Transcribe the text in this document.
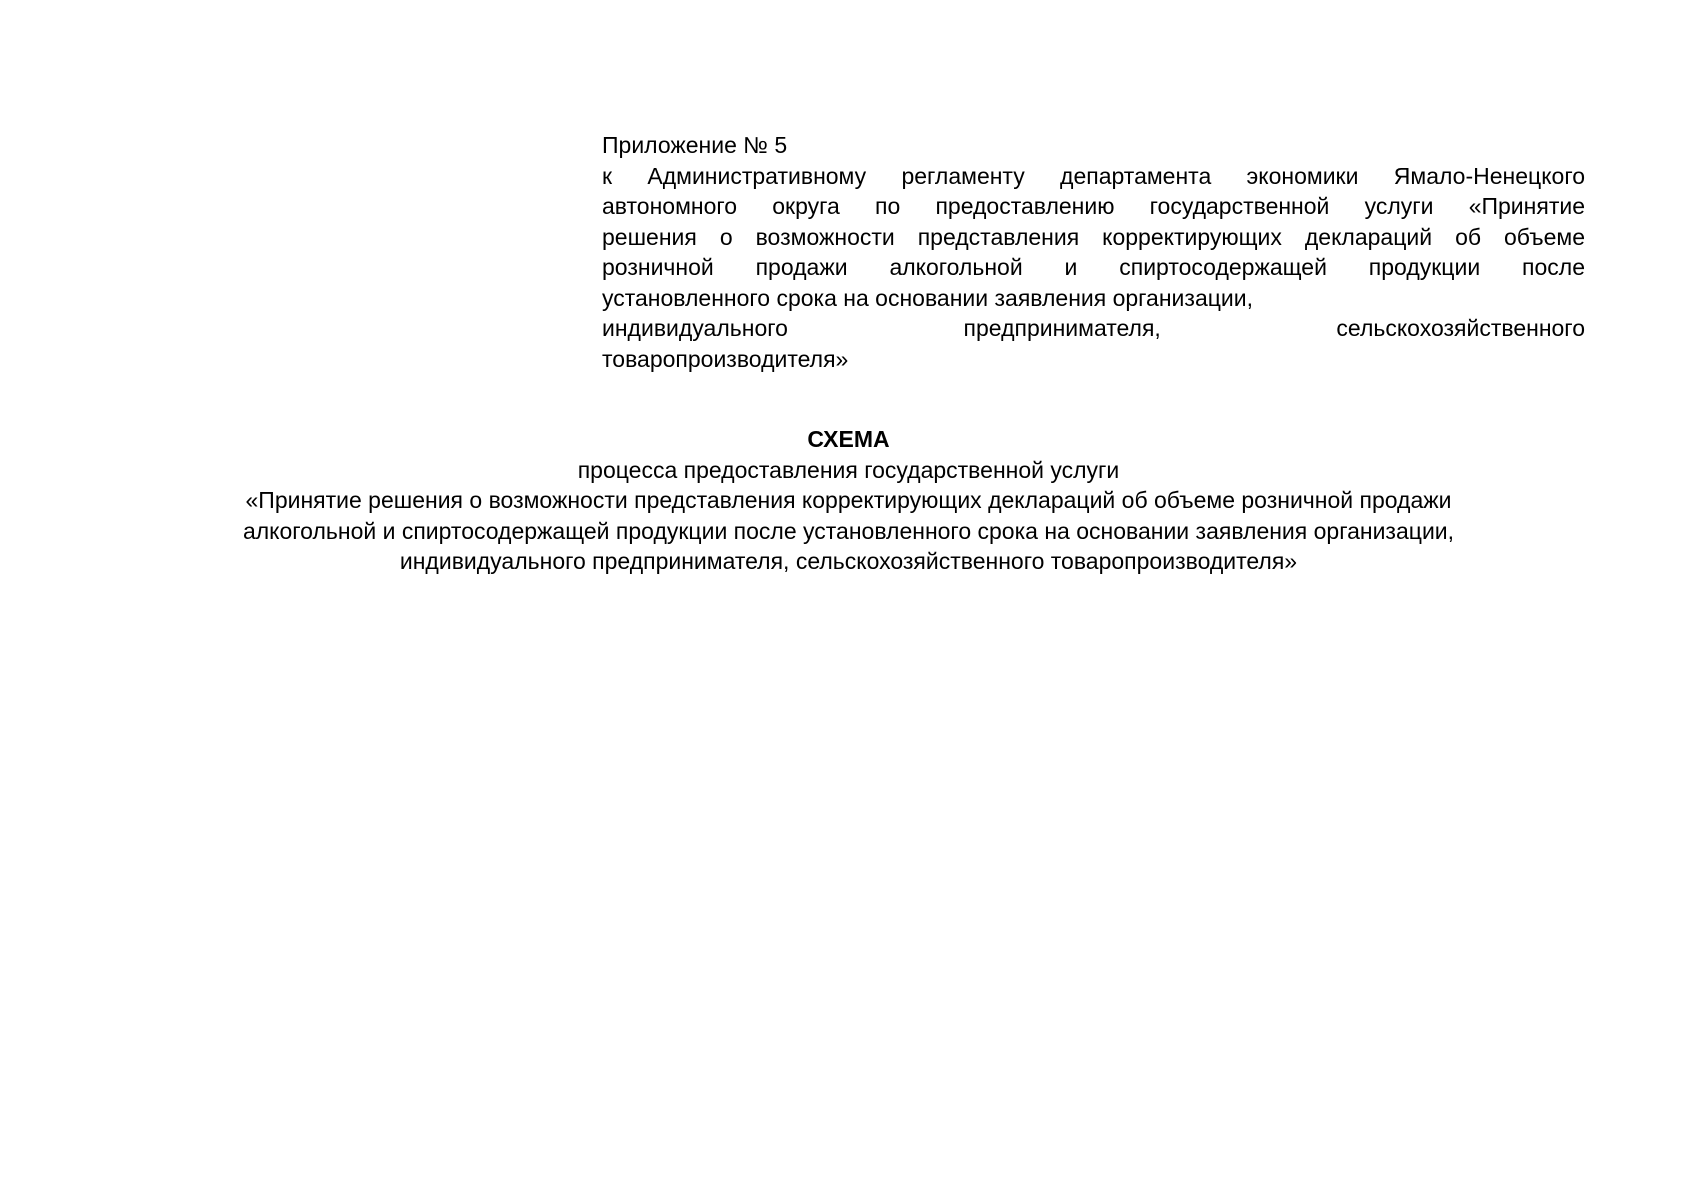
Приложение № 5
к Административному регламенту департамента экономики Ямало-Ненецкого
автономного округа по предоставлению государственной услуги «Принятие
решения о возможности представления корректирующих деклараций об объеме
розничной продажи алкогольной и спиртосодержащей продукции после
установленного срока на основании заявления организации,
индивидуального предпринимателя, сельскохозяйственного
товаропроизводителя»
СХЕМА
процесса предоставления государственной услуги
«Принятие решения о возможности представления корректирующих деклараций об объеме розничной продажи
алкогольной и спиртосодержащей продукции после установленного срока на основании заявления организации,
индивидуального предпринимателя, сельскохозяйственного товаропроизводителя»
